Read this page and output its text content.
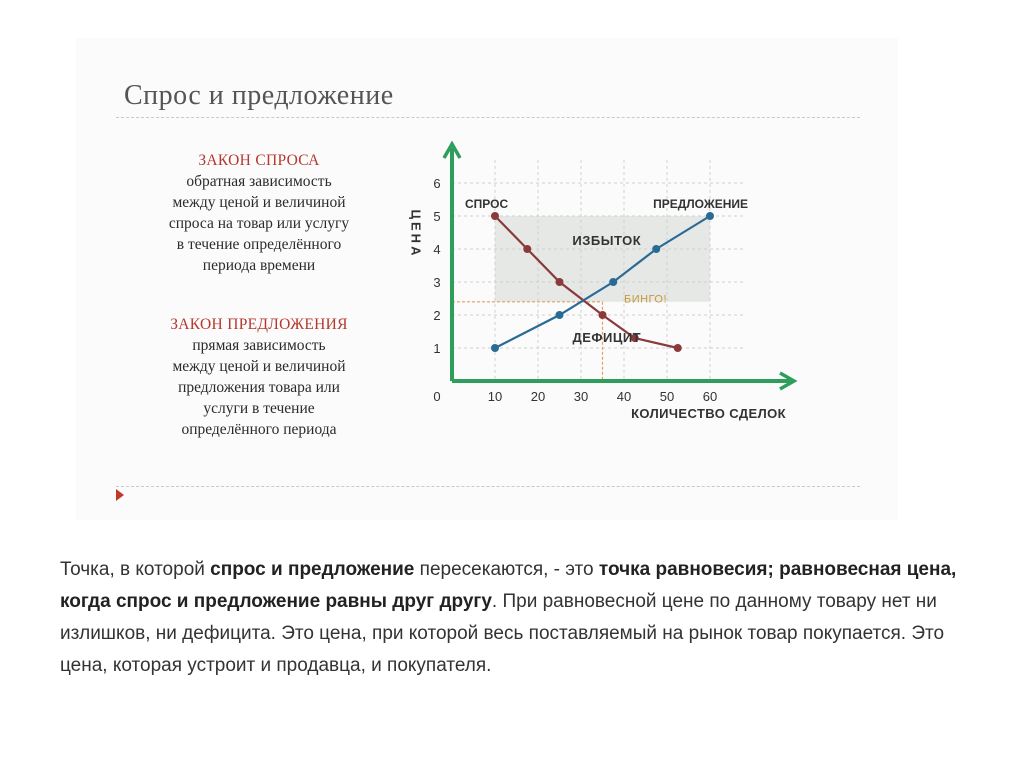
Спрос и предложение
ЗАКОН СПРОСА
обратная зависимость
между ценой и величиной
спроса на товар или услугу
в течение определённого
периода времени
ЗАКОН ПРЕДЛОЖЕНИЯ
прямая зависимость
между ценой и величиной
предложения товара или
услуги в течение
определённого периода
0	10 20 30 40 50 60
1
2
3
4
5
6
КОЛИЧЕСТВО СДЕЛОК
ЦЕНА
СПРОС	ПРЕДЛОЖЕНИЕ
ИЗБЫТОК
ДЕФИЦИТ
БИНГО!
Точка, в которой спрос и предложение пересекаются, - это точка равновесия; равновесная цена, когда спрос и предложение равны друг другу. При равновесной цене по данному товару нет ни излишков, ни дефицита. Это цена, при которой весь поставляемый на рынок товар покупается. Это цена, которая устроит и продавца, и покупателя.
